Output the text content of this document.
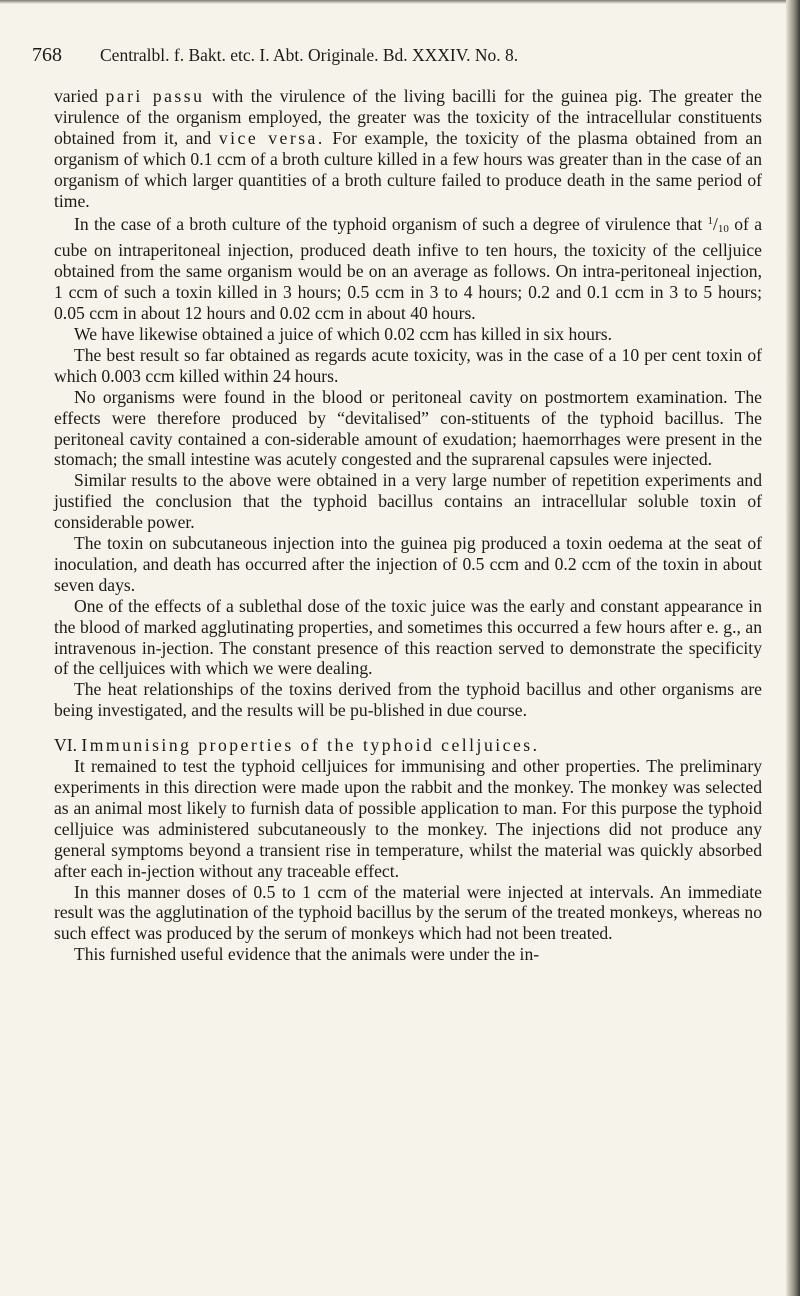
768 Centralbl. f. Bakt. etc. I. Abt. Originale. Bd. XXXIV. No. 8.

varied pari passu with the virulence of the living bacilli for the guinea pig. The greater the virulence of the organism employed, the greater was the toxicity of the intracellular constituents obtained from it, and vice versa. For example, the toxicity of the plasma obtained from an organism of which 0.1 ccm of a broth culture killed in a few hours was greater than in the case of an organism of which larger quantities of a broth culture failed to produce death in the same period of time.

In the case of a broth culture of the typhoid organism of such a degree of virulence that $^1/_{10}$ of a cube on intraperitoneal injection, produced death infive to ten hours, the toxicity of the celljuice obtained from the same organism would be on an average as follows. On intra-peritoneal injection, 1 ccm of such a toxin killed in 3 hours; 0.5 ccm in 3 to 4 hours; 0.2 and 0.1 ccm in 3 to 5 hours; 0.05 ccm in about 12 hours and 0.02 ccm in about 40 hours.

We have likewise obtained a juice of which 0.02 ccm has killed in six hours.

The best result so far obtained as regards acute toxicity, was in the case of a 10 per cent toxin of which 0.003 ccm killed within 24 hours.

No organisms were found in the blood or peritoneal cavity on postmortem examination. The effects were therefore produced by “devitalised” con-stituents of the typhoid bacillus. The peritoneal cavity contained a con-siderable amount of exudation; haemorrhages were present in the stomach; the small intestine was acutely congested and the suprarenal capsules were injected.

Similar results to the above were obtained in a very large number of repetition experiments and justified the conclusion that the typhoid bacillus contains an intracellular soluble toxin of considerable power.

The toxin on subcutaneous injection into the guinea pig produced a toxin oedema at the seat of inoculation, and death has occurred after the injection of 0.5 ccm and 0.2 ccm of the toxin in about seven days.

One of the effects of a sublethal dose of the toxic juice was the early and constant appearance in the blood of marked agglutinating properties, and sometimes this occurred a few hours after e. g., an intravenous in-jection. The constant presence of this reaction served to demonstrate the specificity of the celljuices with which we were dealing.

The heat relationships of the toxins derived from the typhoid bacillus and other organisms are being investigated, and the results will be pu-blished in due course.

VI. Immunising properties of the typhoid celljuices.

It remained to test the typhoid celljuices for immunising and other properties. The preliminary experiments in this direction were made upon the rabbit and the monkey. The monkey was selected as an animal most likely to furnish data of possible application to man. For this purpose the typhoid celljuice was administered subcutaneously to the monkey. The injections did not produce any general symptoms beyond a transient rise in temperature, whilst the material was quickly absorbed after each in-jection without any traceable effect.

In this manner doses of 0.5 to 1 ccm of the material were injected at intervals. An immediate result was the agglutination of the typhoid bacillus by the serum of the treated monkeys, whereas no such effect was produced by the serum of monkeys which had not been treated.

This furnished useful evidence that the animals were under the in-
